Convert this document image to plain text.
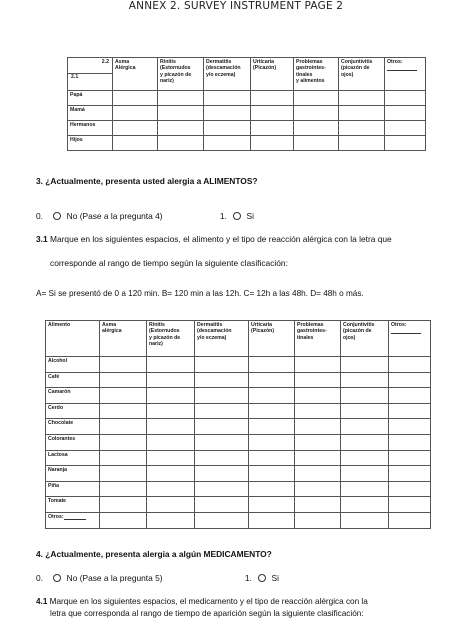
ANNEX 2. SURVEY INSTRUMENT PAGE 2
2.2
2.1	Asma
Alérgica	Rinitis
(Estornudos
y picazón de
nariz)	Dermatitis
(descamación
y/o eczema)	Urticaria
(Picazón)	Problemas
gastrointes-
tinales
y alimentos	Conjuntivitis
(picazón de
ojos)	Otros:

Papá							
Mamá							
Hermanos							
Hijos							
3. ¿Actualmente, presenta usted alergia a ALIMENTOS?
0.	No (Pase a la pregunta 4)	1. Si
3.1 Marque en los siguientes espacios, el alimento y el tipo de reacción alérgica con la letra que
corresponde al rango de tiempo según la siguiente clasificación:
A= Si se presentó de 0 a 120 min. B= 120 min a las 12h. C= 12h a las 48h. D= 48h o más.
Alimento	Asma
alérgica	Rinitis
(Estornudos
y picazón de
nariz)	Dermatitis
(descamación
y/o eczema)	Urticaria
(Picazón)	Problemas
gastrointes-
tinales	Conjuntivitis
(picazón de
ojos)	Otros:

Alcohol							
Café							
Camarón							
Cerdo							
Chocolate							
Colorantes							
Lactosa							
Naranja							
Piña							
Tomate							
Otros:							
4. ¿Actualmente, presenta alergia a algún MEDICAMENTO?
0.	No (Pase a la pregunta 5)	1. Si
4.1 Marque en los siguientes espacios, el medicamento y el tipo de reacción alérgica con la
letra que corresponda al rango de tiempo de aparición según la siguiente clasificación:
